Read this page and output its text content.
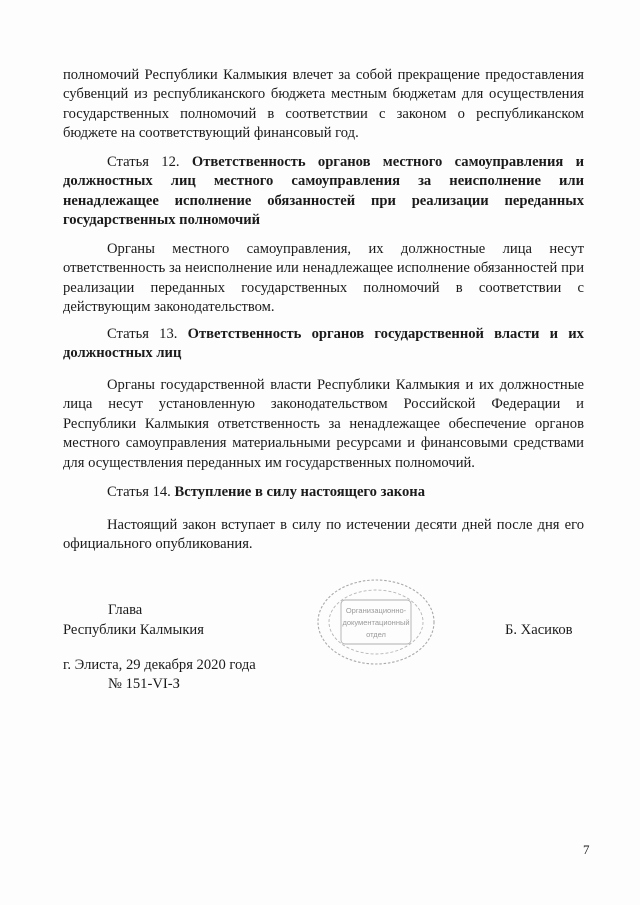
полномочий Республики Калмыкия влечет за собой прекращение предоставления субвенций из республиканского бюджета местным бюджетам для осуществления государственных полномочий в соответствии с законом о республиканском бюджете на соответствующий финансовый год.

Статья 12. Ответственность органов местного самоуправления и должностных лиц местного самоуправления за неисполнение или ненадлежащее исполнение обязанностей при реализации переданных государственных полномочий

Органы местного самоуправления, их должностные лица несут ответственность за неисполнение или ненадлежащее исполнение обязанностей при реализации переданных государственных полномочий в соответствии с действующим законодательством.

Статья 13. Ответственность органов государственной власти и их должностных лиц

Органы государственной власти Республики Калмыкия и их должностные лица несут установленную законодательством Российской Федерации и Республики Калмыкия ответственность за ненадлежащее обеспечение органов местного самоуправления материальными ресурсами и финансовыми средствами для осуществления переданных им государственных полномочий.

Статья 14. Вступление в силу настоящего закона

Настоящий закон вступает в силу по истечении десяти дней после дня его официального опубликования.

Глава
Республики Калмыкия	Б. Хасиков
Организационно-
документационный
отдел
г. Элиста, 29 декабря 2020 года
№ 151-VI-З
7
